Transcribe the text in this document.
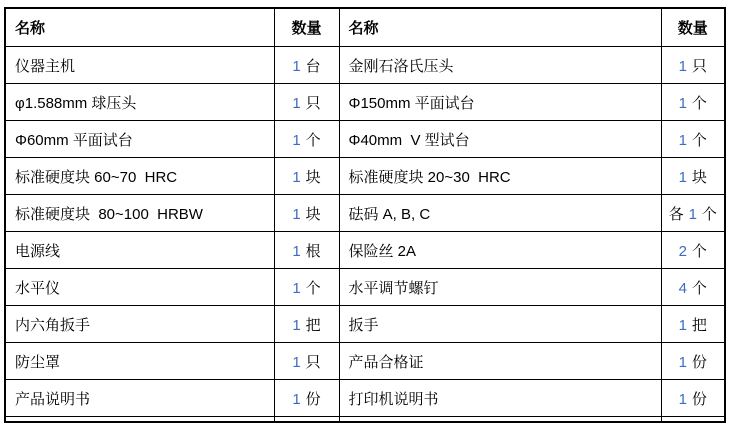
名称	数量	名称	数量
仪器主机	1 台	金刚石洛氏压头	1 只
φ1.588mm 球压头	1 只	Φ150mm 平面试台	1 个
Φ60mm 平面试台	1 个	Φ40mm  V 型试台	1 个
标准硬度块 60~70  HRC	1 块	标准硬度块 20~30  HRC	1 块
标准硬度块  80~100  HRBW	1 块	砝码 A, B, C	各 1 个
电源线	1 根	保险丝 2A	2 个
水平仪	1 个	水平调节螺钉	4 个
内六角扳手	1 把	扳手	1 把
防尘罩	1 只	产品合格证	1 份
产品说明书	1 份	打印机说明书	1 份
